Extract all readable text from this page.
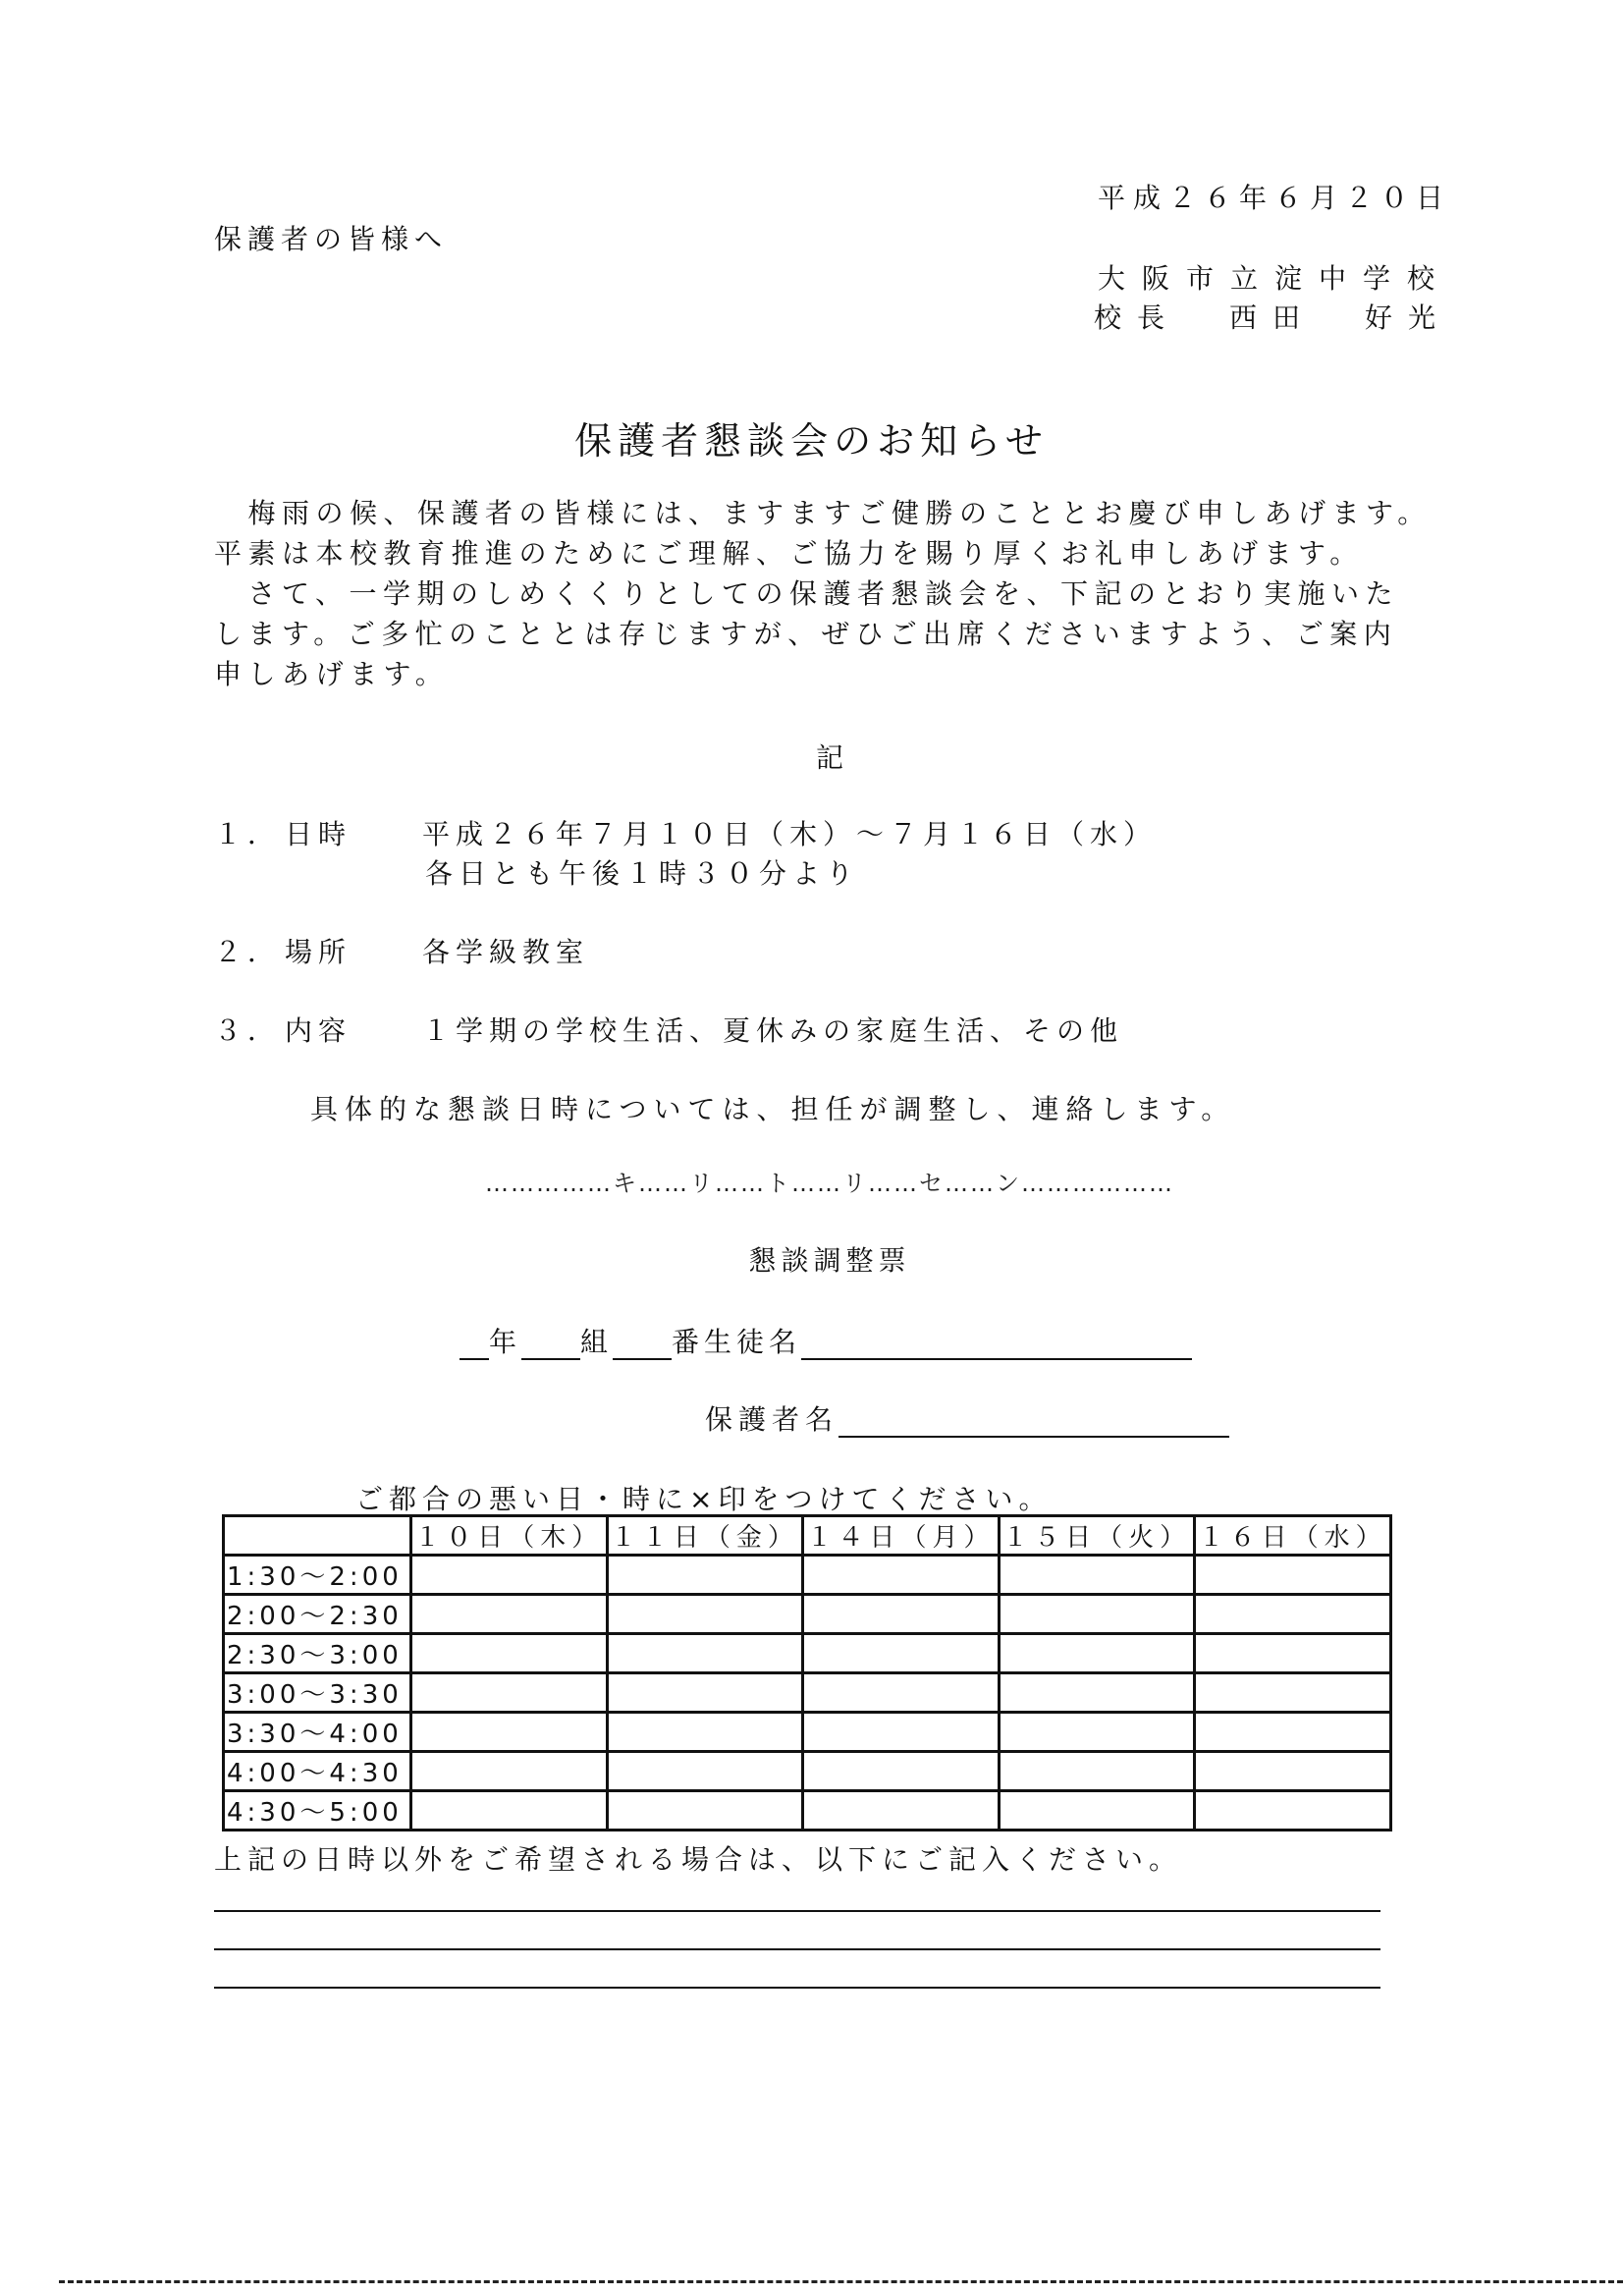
平成２６年６月２０日
保護者の皆様へ
大阪市立淀中学校
校長 西田 好光
保護者懇談会のお知らせ
　梅雨の候、保護者の皆様には、ますますご健勝のこととお慶び申しあげます。
平素は本校教育推進のためにご理解、ご協力を賜り厚くお礼申しあげます。
　さて、一学期のしめくくりとしての保護者懇談会を、下記のとおり実施いた
します。ご多忙のこととは存じますが、ぜひご出席くださいますよう、ご案内
申しあげます。
記
１． 日時	平成２６年７月１０日（木）～７月１６日（水）
各日とも午後１時３０分より
２． 場所	各学級教室
３． 内容	１学期の学校生活、夏休みの家庭生活、その他
具体的な懇談日時については、担任が調整し、連絡します。
……………キ……リ……ト……リ……セ……ン………………
懇談調整票
年 組 番 生徒名
保護者名
ご都合の悪い日・時に×印をつけてください。
	１０日（木）	１１日（金）	１４日（月）	１５日（火）	１６日（水）
1:30～2:00					
2:00～2:30					
2:30～3:00					
3:00～3:30					
3:30～4:00					
4:00～4:30					
4:30～5:00					
上記の日時以外をご希望される場合は、以下にご記入ください。
